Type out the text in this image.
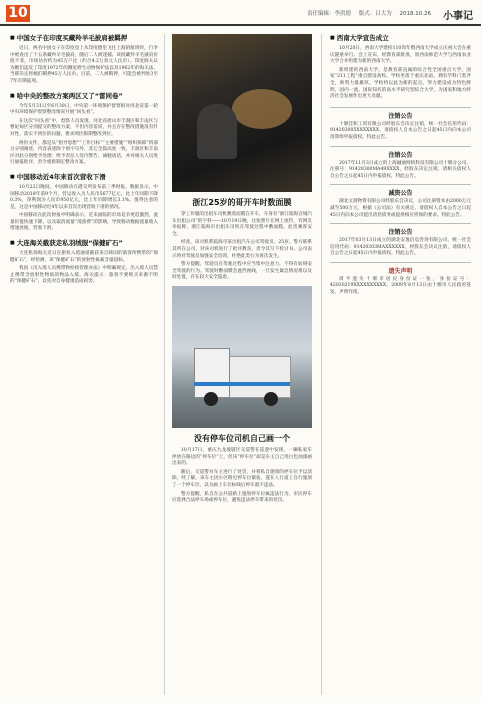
10	责任编辑：李洪德 版式：吕大为 2018.10.26 小事记
■ 中国女子在印度买藏羚羊毛披肩被羁押

近日，两名中国女子在印度登上从印度德里飞往上海的航班时，行李中被查出了十五条藏羚羊毛披肩，随后二人被逮捕。该批藏羚羊毛披肩价值不菲，市场估价约为45万户比（约合4.2万余元人民币）。印度海关认为她们违反了印度1972年的濒危野生动物保护法以及1962年的海关法，当即决定将她们羁押45万人民币。目前，二人被羁押，可能会被判处3至7年有期徒刑。

■ 哈中央的整改方案两区又了“雷同卷”

今年5月31日至6月30日，中央第一环境保护督察组对河北省第一轮中央环境保护督察整改情况开展“回头看”。

在这次“回头看”中，督察人员发现，河北省唐山市丰润区和丰南区与曹妃甸区分别提交的整改方案，不但内容雷同，并且存在整改措施没有针对性，落实不到位的问题，要求两区限期整改到位。

两份文件，都是从“指导思想”“工作目标”“主要措施”“组织保障”四部分分别阐述，内容表述除个别字句外，其它全篇高度一致。丰润区和丰南区对此分别给予处理：给予责任人党内警告、诫勉谈话，并对相关人员进行通报批评，责令重新制定整改方案。

■ 中国移动近4年来首次营收下滑

10月22日晚间，中国移动在港交所发布前三季财报。数据显示，中国移动2018年前9个月，营运收入为人民币5677亿元，比上年同期下降0.3%，净利润为人民币950亿元，比上年同期增长3.1%。值得注意的是，这是中国移动近4年以来首次出现营收下滑的情况。

中国移动在此次财报中明确表示，近来面临的市场竞争更趋激烈，流量价值快速下降，以及取消流量“漫游费”的影响，导致移动数据流量收入增速放缓，营收下滑。

■ 大连海关截获走私羽绒服“保健矿石”

大连机场海关近日在旅检入境通道截获来自韩国的旅客所携带的“保健矿石”，经检测，该“保健矿石”的放射性核素含量超标。

我国《出入境人员携带物检疫管理办法》中明确规定，出入境人员禁止携带含放射性物质的物品入境。海关提示：旅客不要购买来源不明的“保健矿石”，以免对自身健康造成损害。

浙江25岁的哥开车时数面膜

穿工作服的出租车司机敷着面膜在开车，车身有“浙江临海百城汽车出租公司”的字样——10月19日晚，这张照片在网上流传，有网友举报称，浙江临海市出租车司机在驾驶过程中敷面膜，危害乘客安全。

经查，该司机系临海市某出租汽车公司驾驶员，25岁。警方联系其所在公司，对该司机进行了批评教育，责令其写下检讨书。公司表示将对驾驶员加强安全培训，杜绝此类行为再次发生。

警方提醒，驾驶员在驾驶过程中应当集中注意力，不得有妨碍安全驾驶的行为。驾驶时敷面膜会遮挡视线，一旦发生紧急情况难以及时处置，存在较大安全隐患。

没有停车位司机自己画一个

10月17日，重庆九龙坡辖区交巡警在巡逻中发现，一辆私家车停放在路边的“停车位”上，但该“停车位”却是车主自己用白色油漆画出来的。

随后，交巡警对车主进行了处罚，并将私自施划的停车位予以清除。经了解，该车主因小区附近停车位紧张，遂在人行道上自行施划了一个停车位，以为画上车位标线后停车就不违法。

警方提醒，私自在公共道路上施划停车位属违法行为，市民停车应选择合法停车场或停车位，避免违法停车带来的处罚。

■ 西南大学宣告成立

10月20日，西南大学建校110周年暨西南大学成立庆祝大会在重庆隆重举行。会上宣布，经教育部批准，原西南师范大学与西南农业大学合并组建为新的西南大学。

新组建的西南大学，是教育部直属的综合性全国重点大学，国家“211工程”重点建设高校。学校坐落于重庆北碚，拥有学科门类齐全，师资力量雄厚。学校将以此为新的起点，努力建设成为特色鲜明、国内一流、国际知名的高水平研究型综合大学，为国家和地方经济社会发展作出更大贡献。

注销公告

十堰佳和工贸有限公司经股东会决定注销，统一社会信用代码：914203005XXXXXXX，请债权人自本公告之日起45日内向本公司清算组申报债权。特此公告。

注销公告

2017年11月3日成立的上海融通网络科技有限公司十堰分公司，注册号：91420300MA49XXXX，经股东决定注销，请相关债权人自公告之日起45日内申报债权，特此公告。

减资公告

湖北文润物资有限公司经股东会决议，公司注册资本由2000万元减至500万元，根据《公司法》有关规定，请债权人自本公告之日起45日内向本公司提出清偿债务或提供相应担保的要求。特此公告。

注销公告

2017年03月13日成立的湖北安逸信息咨询有限公司，统一社会信用代码：91420303MAXXXXXX，经股东会决议注销，请债权人自公告之日起45日内申报债权。特此公告。

遗失声明

周平遗失十堰市居民身份证一张，身份证号：42030219XXXXXXXXXX，2009年8月13日由十堰市人民政府签发，声明作废。
